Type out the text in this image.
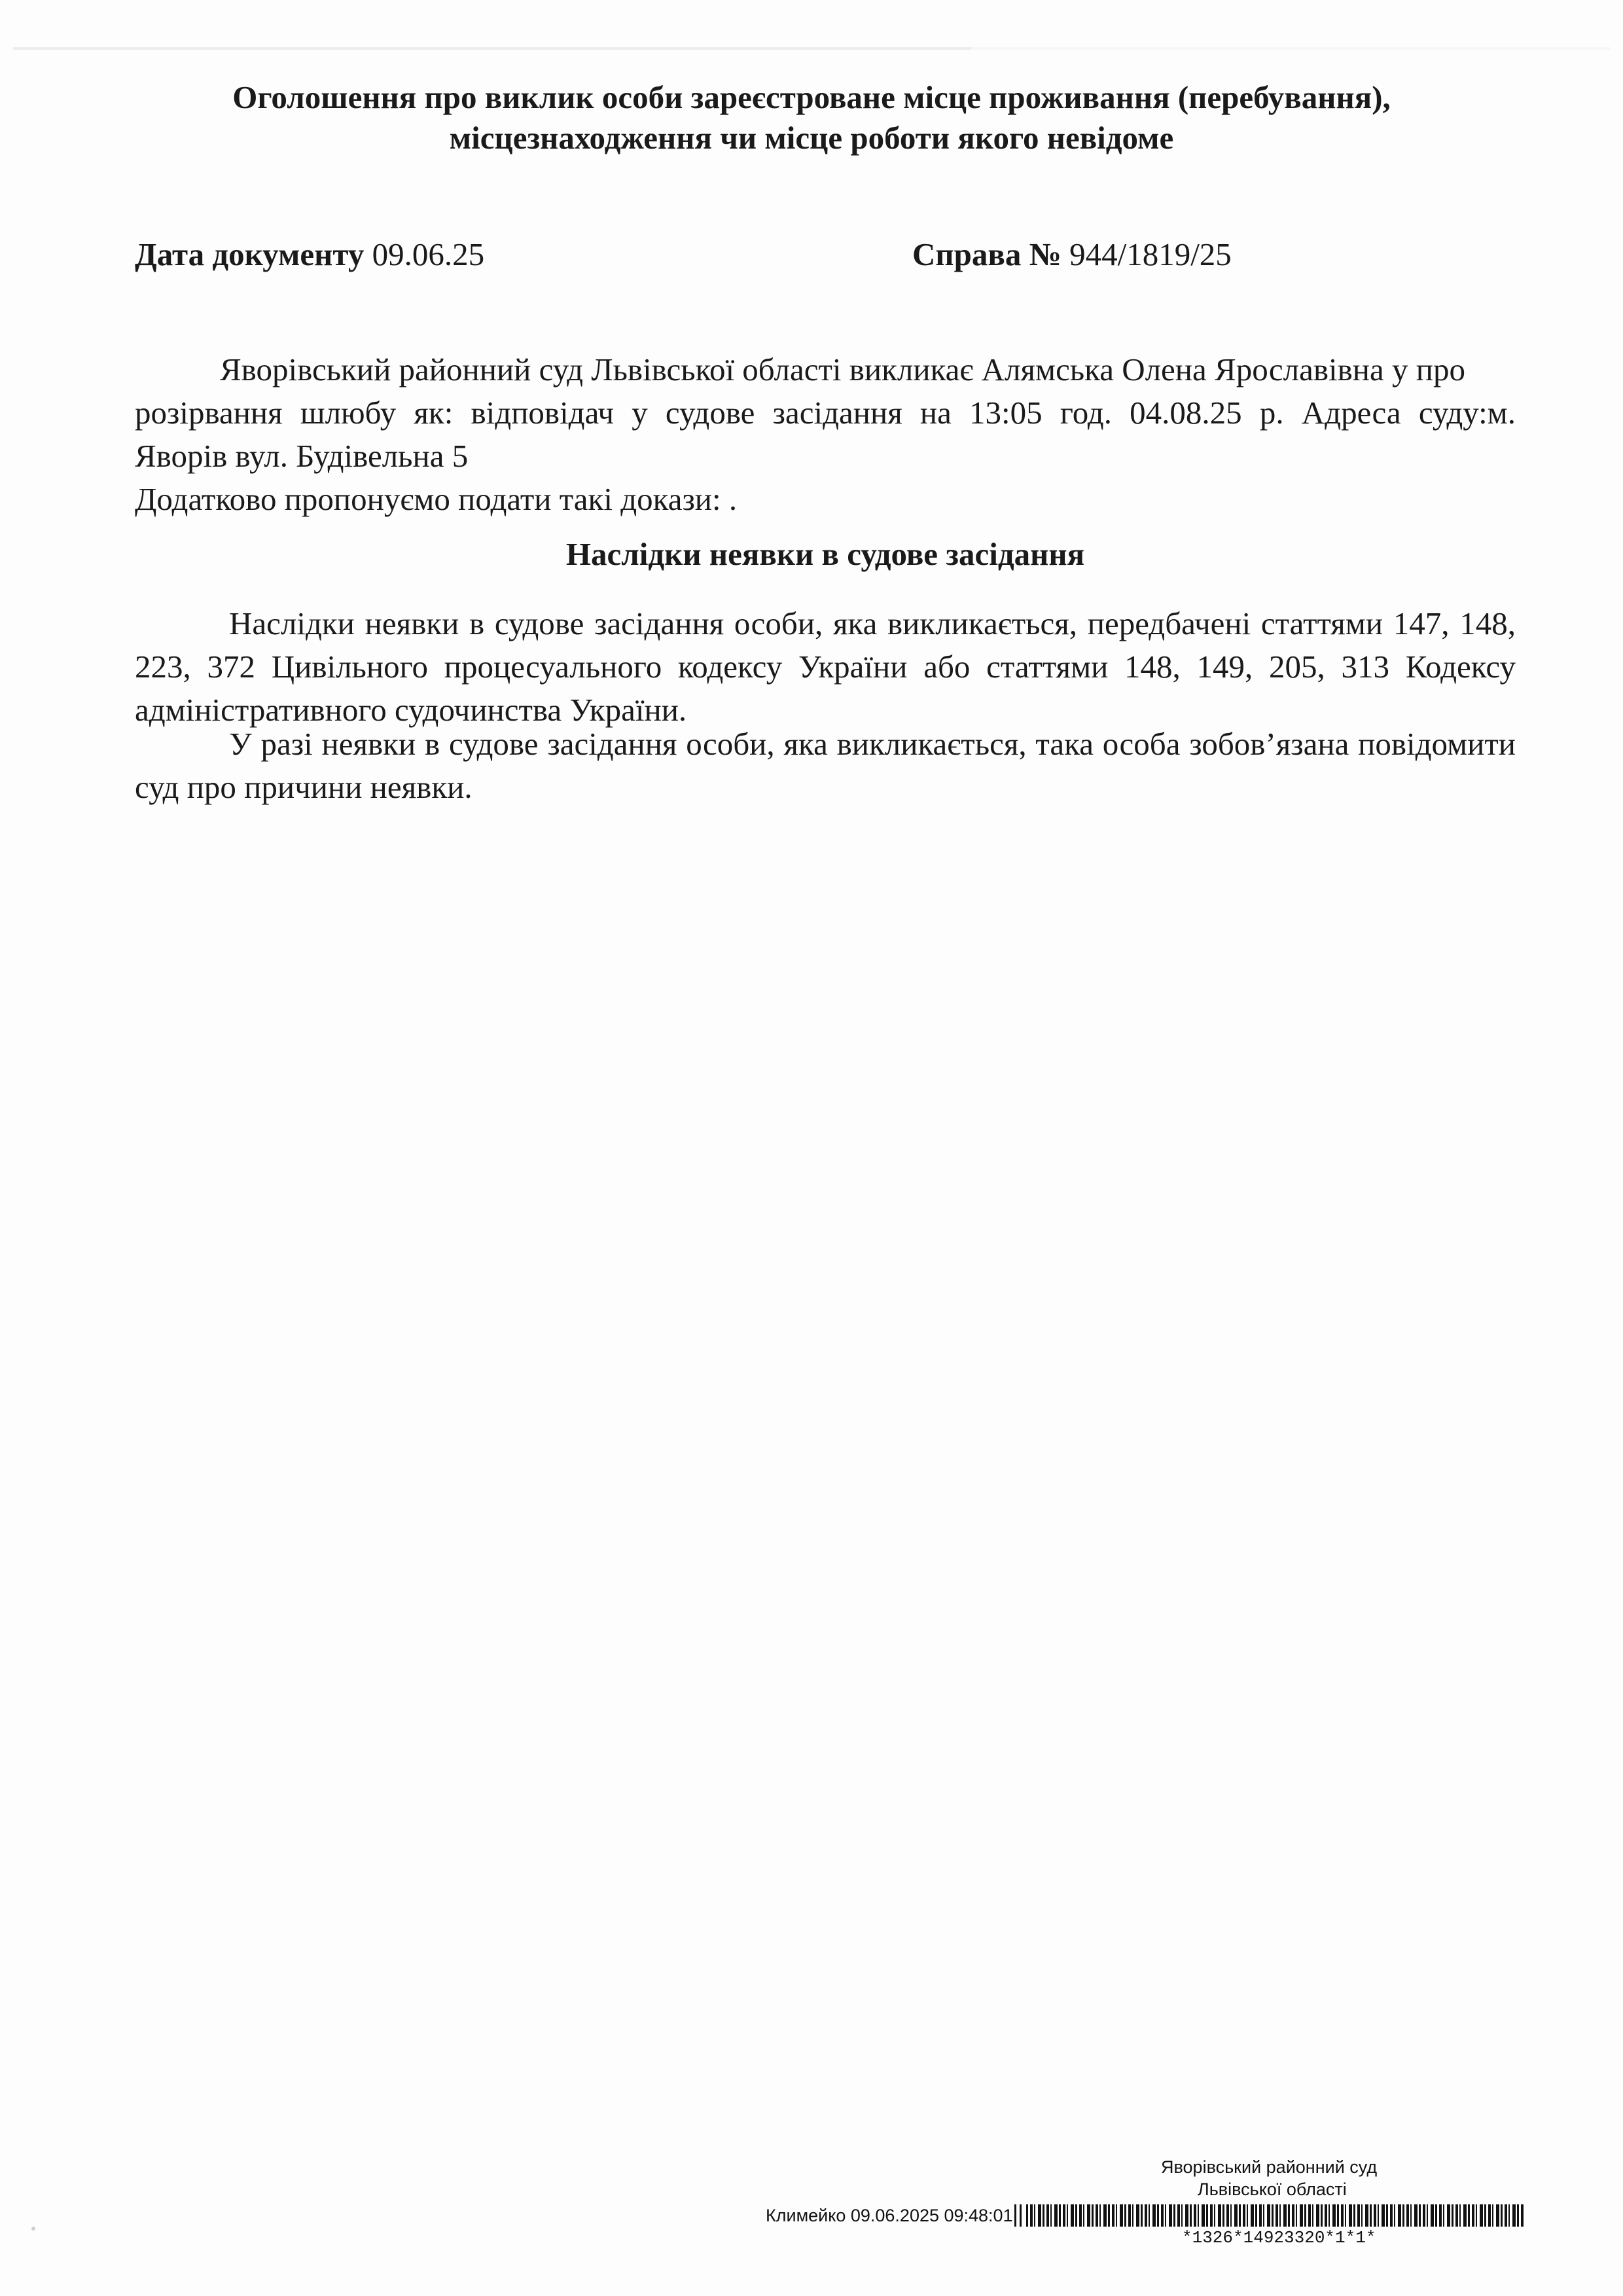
Оголошення про виклик особи зареєстроване місце проживання (перебування),
місцезнаходження чи місце роботи якого невідоме
Дата документу 09.06.25	Справа № 944/1819/25
Яворівський районний суд Львівської області викликає Алямська Олена Ярославівна у про
розірвання шлюбу як: відповідач у судове засідання на 13:05 год. 04.08.25 р. Адреса суду:м.
Яворів вул. Будівельна 5
Додатково пропонуємо подати такі докази: .
Наслідки неявки в судове засідання
Наслідки неявки в судове засідання особи, яка викликається, передбачені статтями 147, 148, 223, 372 Цивільного процесуального кодексу України або статтями 148, 149, 205, 313 Кодексу адміністративного судочинства України.
У разі неявки в судове засідання особи, яка викликається, така особа зобов’язана повідомити суд про причини неявки.
Яворівський районний суд
Львівської області
Климейко 09.06.2025 09:48:01
*1326*14923320*1*1*
